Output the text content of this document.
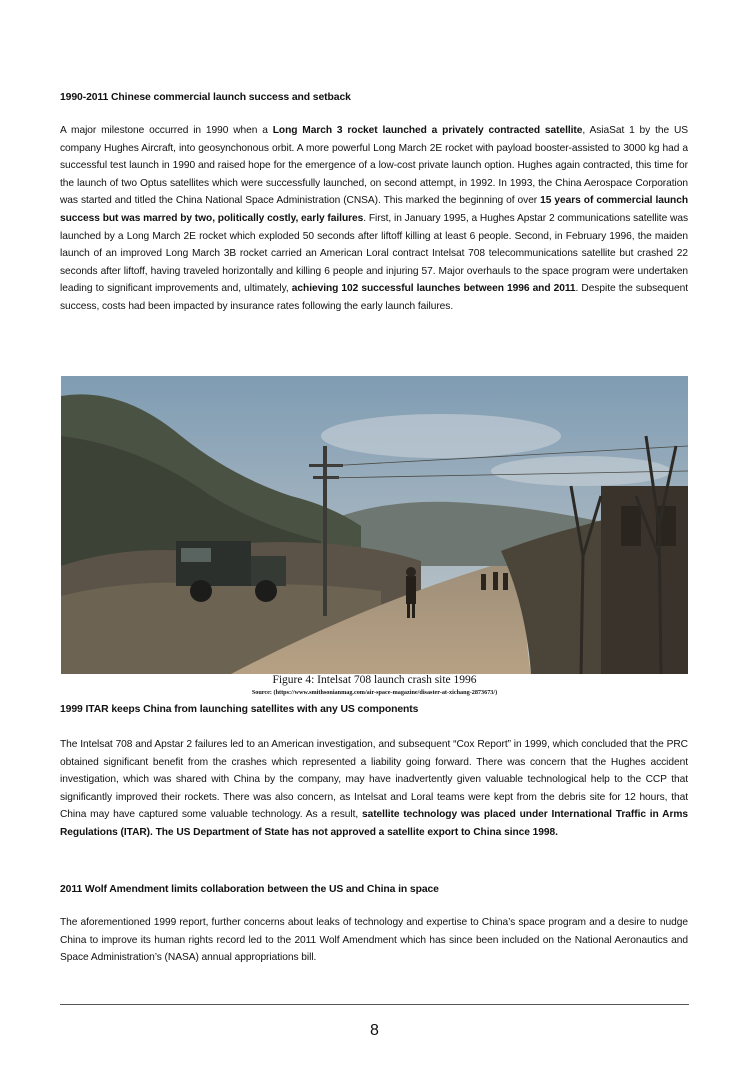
1990-2011 Chinese commercial launch success and setback
A major milestone occurred in 1990 when a Long March 3 rocket launched a privately contracted satellite, AsiaSat 1 by the US company Hughes Aircraft, into geosynchonous orbit. A more powerful Long March 2E rocket with payload booster-assisted to 3000 kg had a successful test launch in 1990 and raised hope for the emergence of a low-cost private launch option. Hughes again contracted, this time for the launch of two Optus satellites which were successfully launched, on second attempt, in 1992. In 1993, the China Aerospace Corporation was started and titled the China National Space Administration (CNSA). This marked the beginning of over 15 years of commercial launch success but was marred by two, politically costly, early failures. First, in January 1995, a Hughes Apstar 2 communications satellite was launched by a Long March 2E rocket which exploded 50 seconds after liftoff killing at least 6 people. Second, in February 1996, the maiden launch of an improved Long March 3B rocket carried an American Loral contract Intelsat 708 telecommunications satellite but crashed 22 seconds after liftoff, having traveled horizontally and killing 6 people and injuring 57. Major overhauls to the space program were undertaken leading to significant improvements and, ultimately, achieving 102 successful launches between 1996 and 2011. Despite the subsequent success, costs had been impacted by insurance rates following the early launch failures.
Figure 4: Intelsat 708 launch crash site 1996
Source: (https://www.smithsonianmag.com/air-space-magazine/disaster-at-xichang-2873673/)
1999 ITAR keeps China from launching satellites with any US components
The Intelsat 708 and Apstar 2 failures led to an American investigation, and subsequent “Cox Report” in 1999, which concluded that the PRC obtained significant benefit from the crashes which represented a liability going forward. There was concern that the Hughes accident investigation, which was shared with China by the company, may have inadvertently given valuable technological help to the CCP that significantly improved their rockets. There was also concern, as Intelsat and Loral teams were kept from the debris site for 12 hours, that China may have captured some valuable technology. As a result, satellite technology was placed under International Traffic in Arms Regulations (ITAR). The US Department of State has not approved a satellite export to China since 1998.
2011 Wolf Amendment limits collaboration between the US and China in space
The aforementioned 1999 report, further concerns about leaks of technology and expertise to China’s space program and a desire to nudge China to improve its human rights record led to the 2011 Wolf Amendment which has since been included on the National Aeronautics and Space Administration’s (NASA) annual appropriations bill.
8
